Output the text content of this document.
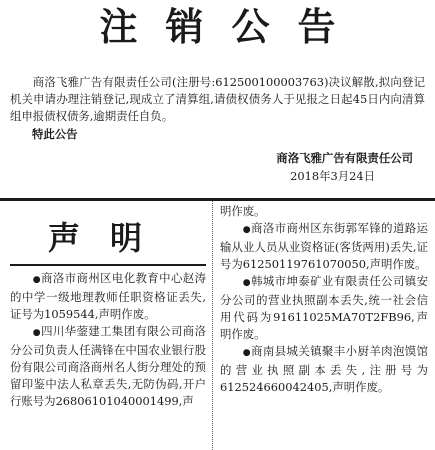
注销公告
商洛飞雅广告有限责任公司(注册号:612500100003763)决议解散,拟向登记机关申请办理注销登记,现成立了清算组,请债权债务人于见报之日起45日内向清算组申报债权债务,逾期责任自负。
特此公告
商洛飞雅广告有限责任公司
2018年3月24日
声明

●商洛市商州区电化教育中心赵涛的中学一级地理教师任职资格证丢失,证号为1059544,声明作废。

●四川华蓥建工集团有限公司商洛分公司负责人任满锋在中国农业银行股份有限公司商洛商州名人街分理处的预留印鉴中法人私章丢失,无防伪码,开户行账号为26806101040001499,声

明作废。

●商洛市商州区东街郭军锋的道路运输从业人员从业资格证(客货两用)丢失,证号为61250119761070050,声明作废。

●韩城市坤泰矿业有限责任公司镇安分公司的营业执照副本丢失,统一社会信用代码为91611025MA70T2FB96,声明作废。

●商南县城关镇聚丰小厨羊肉泡馍馆的营业执照副本丢失,注册号为612524660042405,声明作废。
